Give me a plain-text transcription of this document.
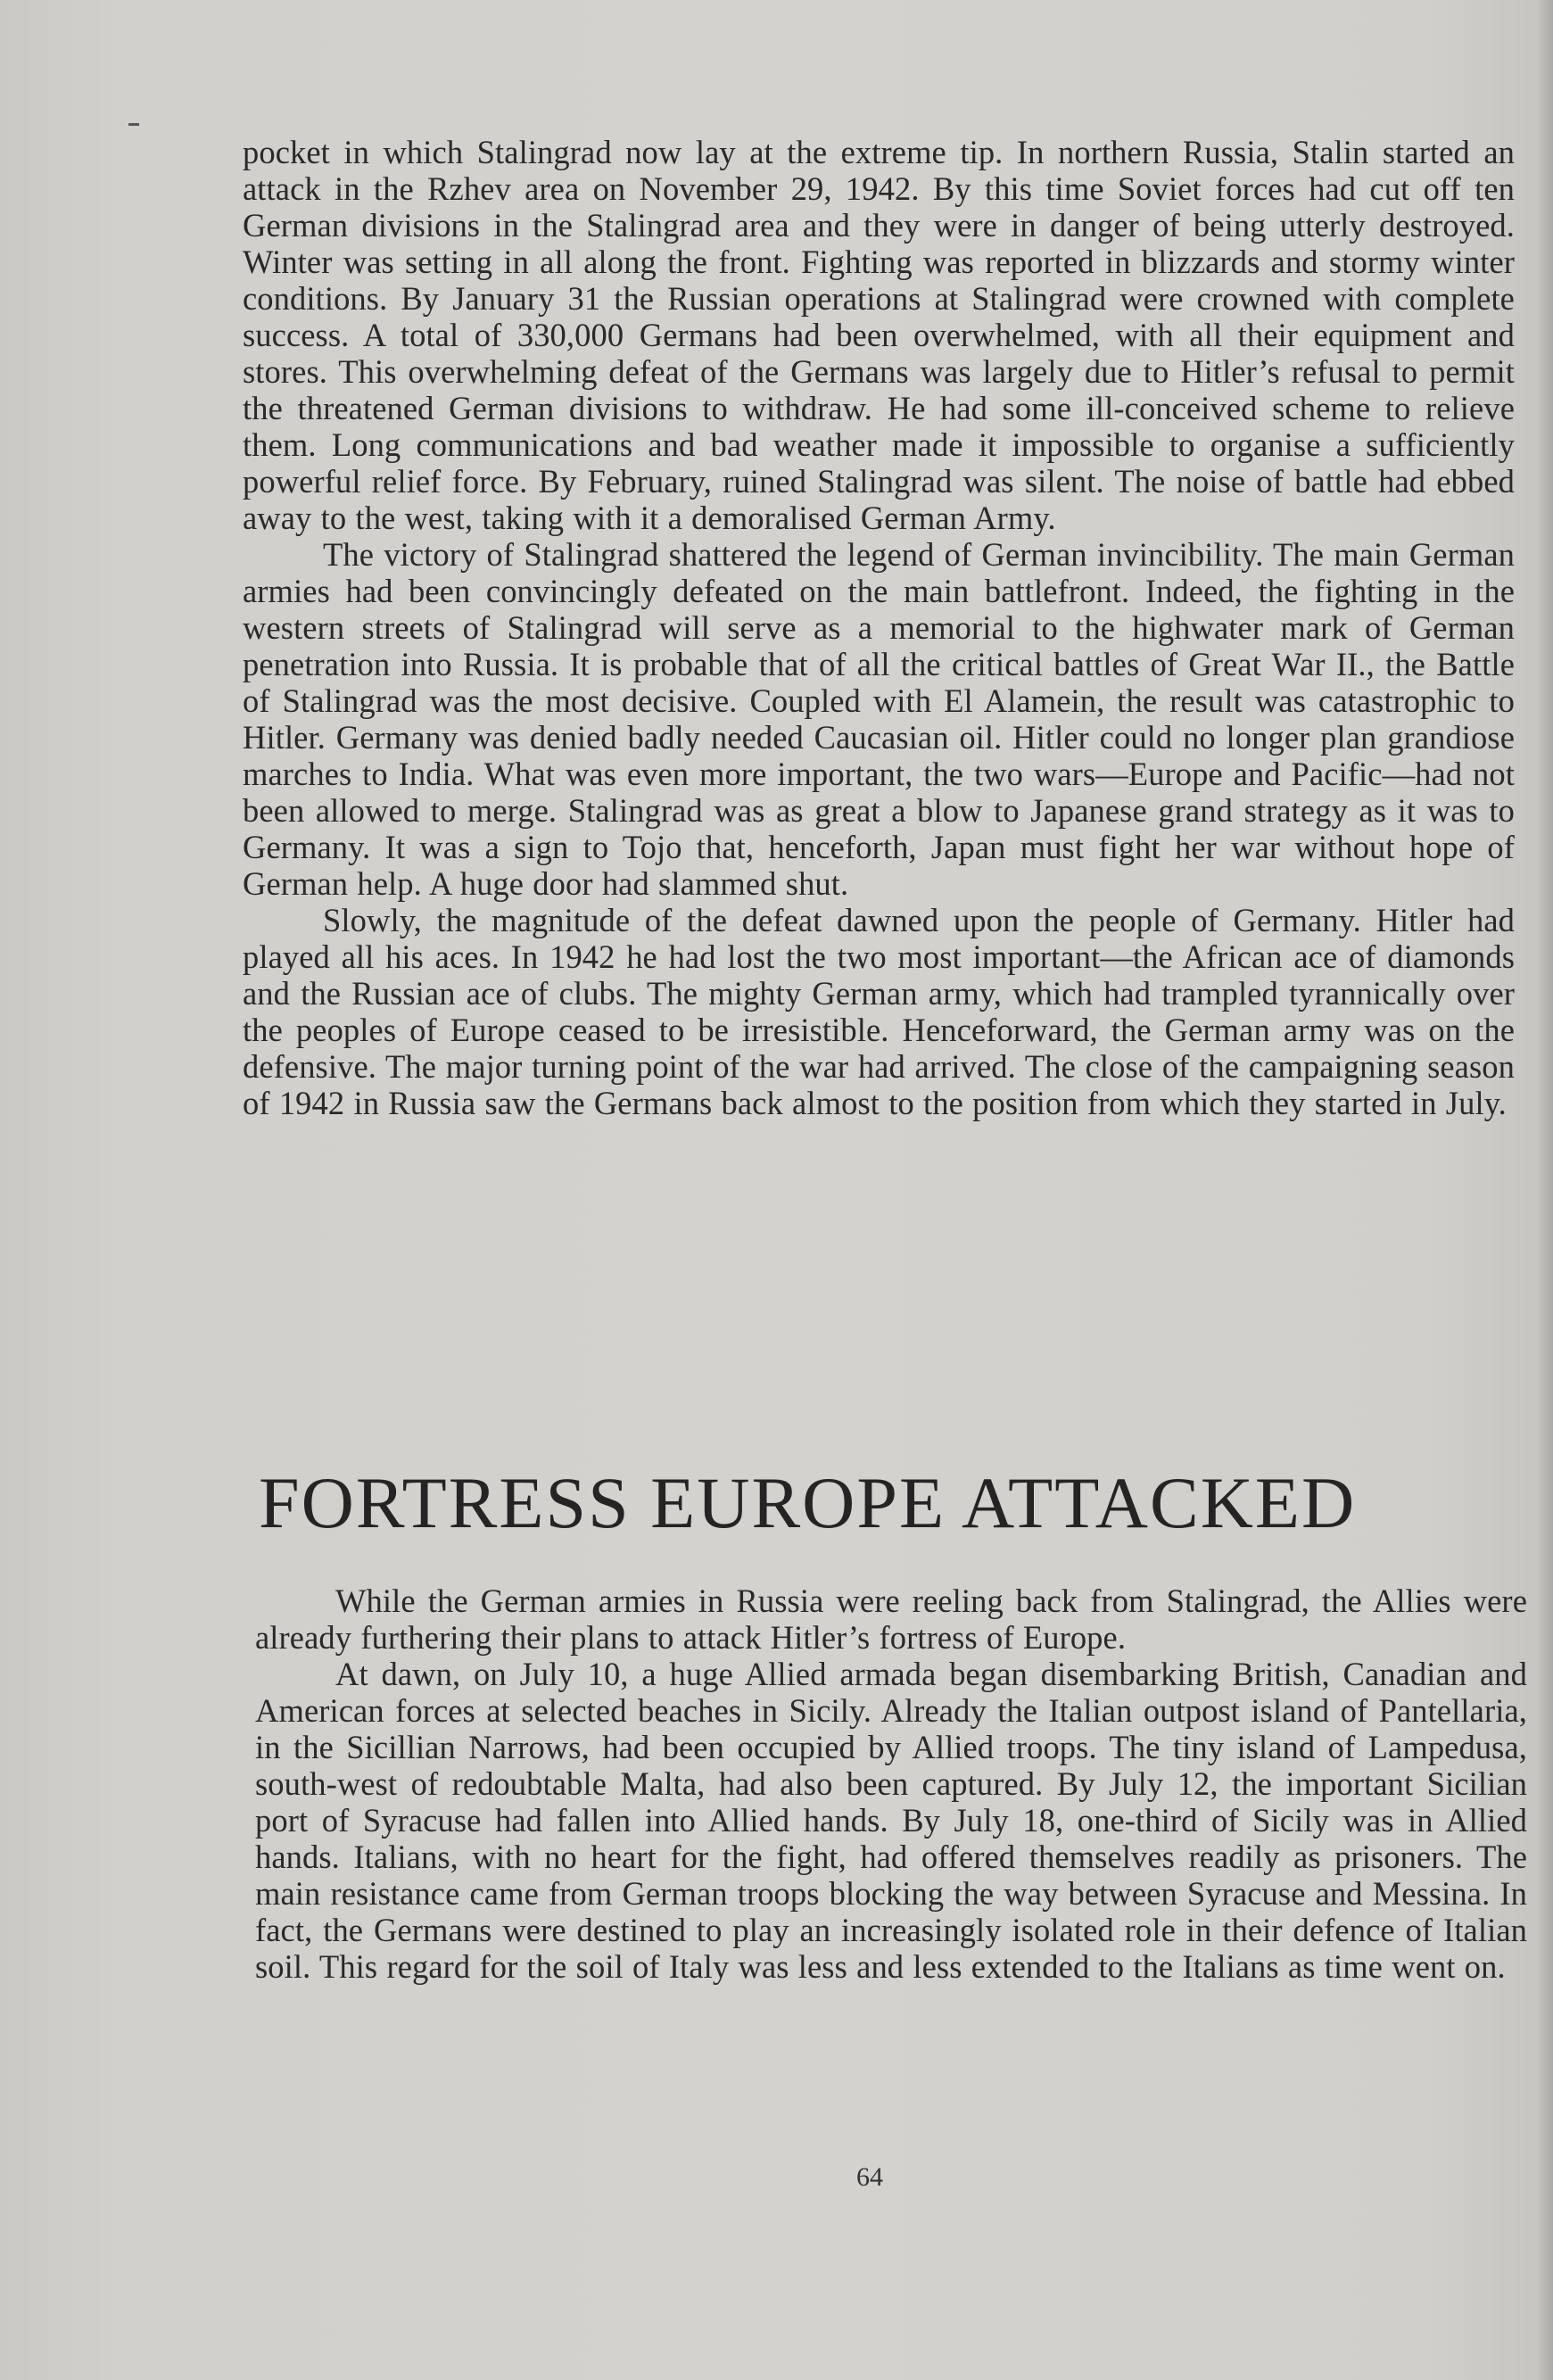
pocket in which Stalingrad now lay at the extreme tip. In northern Russia, Stalin started an attack in the Rzhev area on November 29, 1942. By this time Soviet forces had cut off ten German divisions in the Stalingrad area and they were in danger of being utterly destroyed. Winter was setting in all along the front. Fighting was reported in blizzards and stormy winter conditions. By January 31 the Russian operations at Stalingrad were crowned with complete success. A total of 330,000 Germans had been overwhelmed, with all their equipment and stores. This overwhelming defeat of the Germans was largely due to Hitler’s refusal to permit the threatened German divisions to withdraw. He had some ill-conceived scheme to relieve them. Long communications and bad weather made it impossible to organise a sufficiently powerful relief force. By February, ruined Stalingrad was silent. The noise of battle had ebbed away to the west, taking with it a demoralised German Army.

The victory of Stalingrad shattered the legend of German invincibility. The main German armies had been convincingly defeated on the main battlefront. Indeed, the fighting in the western streets of Stalingrad will serve as a memorial to the highwater mark of German penetration into Russia. It is probable that of all the critical battles of Great War II., the Battle of Stalingrad was the most decisive. Coupled with El Alamein, the result was catastrophic to Hitler. Germany was denied badly needed Caucasian oil. Hitler could no longer plan grandiose marches to India. What was even more important, the two wars—Europe and Pacific—had not been allowed to merge. Stalingrad was as great a blow to Japanese grand strategy as it was to Germany. It was a sign to Tojo that, henceforth, Japan must fight her war without hope of German help. A huge door had slammed shut.

Slowly, the magnitude of the defeat dawned upon the people of Germany. Hitler had played all his aces. In 1942 he had lost the two most important—the African ace of diamonds and the Russian ace of clubs. The mighty German army, which had trampled tyrannically over the peoples of Europe ceased to be irresistible. Henceforward, the German army was on the defensive. The major turning point of the war had arrived. The close of the campaigning season of 1942 in Russia saw the Germans back almost to the position from which they started in July.

FORTRESS EUROPE ATTACKED

While the German armies in Russia were reeling back from Stalingrad, the Allies were already furthering their plans to attack Hitler’s fortress of Europe.

At dawn, on July 10, a huge Allied armada began disembarking British, Canadian and American forces at selected beaches in Sicily. Already the Italian outpost island of Pantellaria, in the Sicillian Narrows, had been occupied by Allied troops. The tiny island of Lampedusa, south-west of redoubtable Malta, had also been captured. By July 12, the important Sicilian port of Syracuse had fallen into Allied hands. By July 18, one-third of Sicily was in Allied hands. Italians, with no heart for the fight, had offered themselves readily as prisoners. The main resistance came from German troops blocking the way between Syracuse and Messina. In fact, the Germans were destined to play an increasingly isolated role in their defence of Italian soil. This regard for the soil of Italy was less and less extended to the Italians as time went on.

64
